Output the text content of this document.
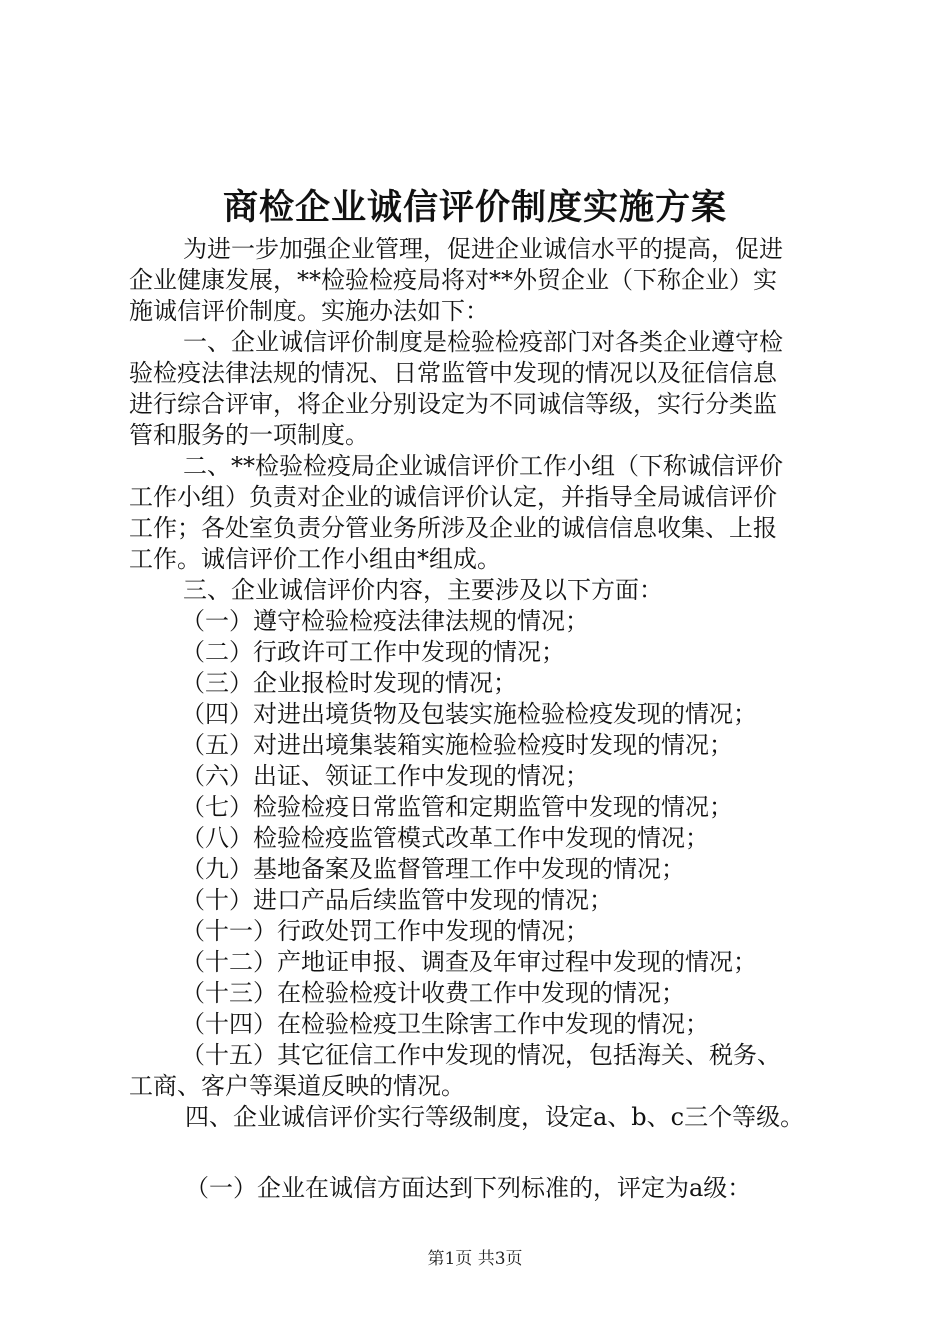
商检企业诚信评价制度实施方案
为进一步加强企业管理，促进企业诚信水平的提高，促进
企业健康发展，**检验检疫局将对**外贸企业（下称企业）实
施诚信评价制度。实施办法如下：
一、企业诚信评价制度是检验检疫部门对各类企业遵守检
验检疫法律法规的情况、日常监管中发现的情况以及征信信息
进行综合评审，将企业分别设定为不同诚信等级，实行分类监
管和服务的一项制度。
二、**检验检疫局企业诚信评价工作小组（下称诚信评价
工作小组）负责对企业的诚信评价认定，并指导全局诚信评价
工作；各处室负责分管业务所涉及企业的诚信信息收集、上报
工作。诚信评价工作小组由*组成。
三、企业诚信评价内容，主要涉及以下方面：
（一）遵守检验检疫法律法规的情况；
（二）行政许可工作中发现的情况；
（三）企业报检时发现的情况；
（四）对进出境货物及包装实施检验检疫发现的情况；
（五）对进出境集装箱实施检验检疫时发现的情况；
（六）出证、领证工作中发现的情况；
（七）检验检疫日常监管和定期监管中发现的情况；
（八）检验检疫监管模式改革工作中发现的情况；
（九）基地备案及监督管理工作中发现的情况；
（十）进口产品后续监管中发现的情况；
（十一）行政处罚工作中发现的情况；
（十二）产地证申报、调查及年审过程中发现的情况；
（十三）在检验检疫计收费工作中发现的情况；
（十四）在检验检疫卫生除害工作中发现的情况；
（十五）其它征信工作中发现的情况，包括海关、税务、
工商、客户等渠道反映的情况。
四、企业诚信评价实行等级制度，设定a、b、c三个等级。
（一）企业在诚信方面达到下列标准的，评定为a级：
第1页 共3页
